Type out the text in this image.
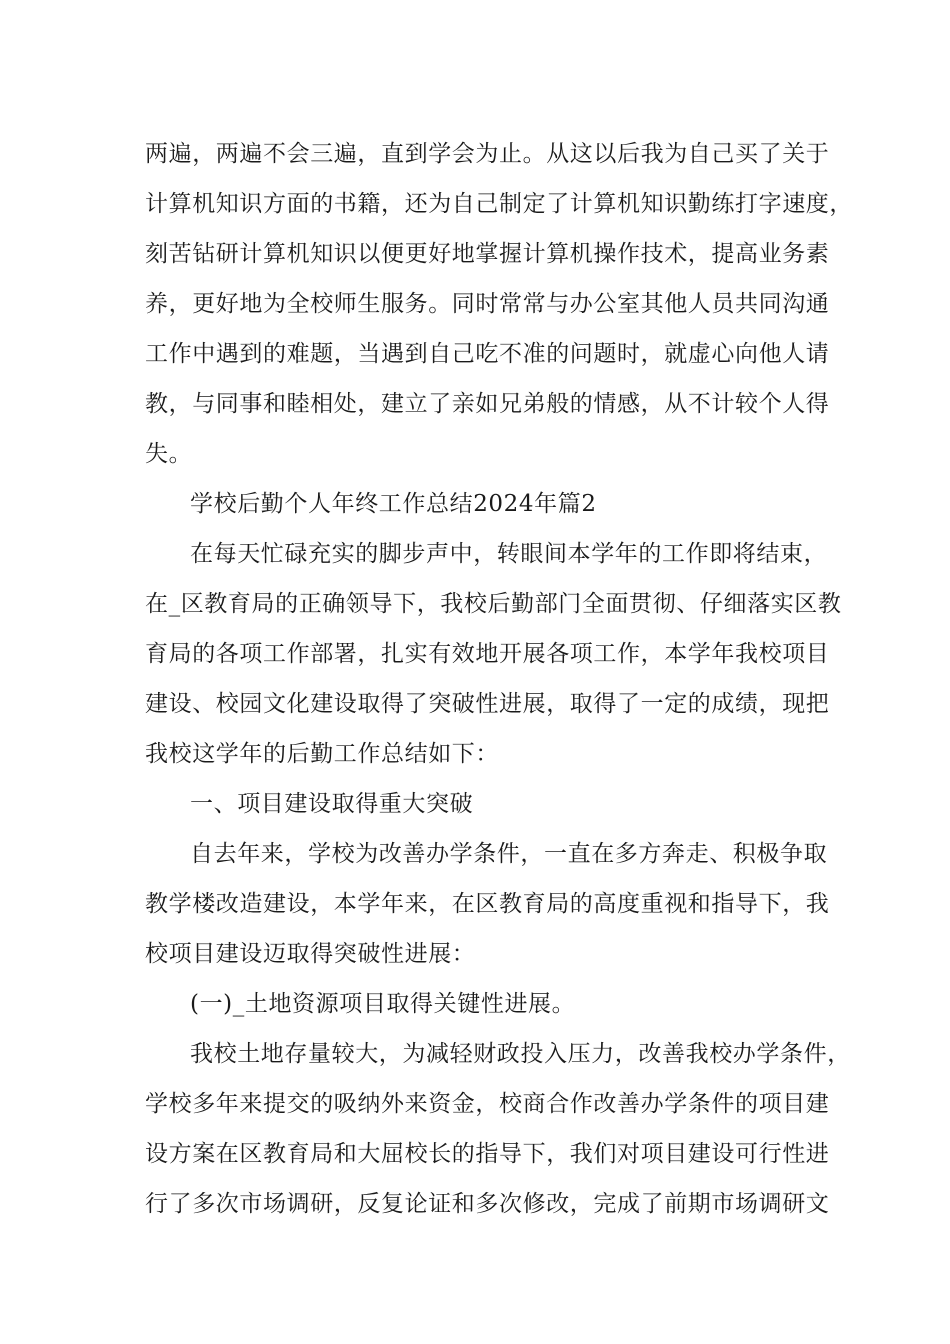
两遍，两遍不会三遍，直到学会为止。从这以后我为自己买了关于
计算机知识方面的书籍，还为自己制定了计算机知识勤练打字速度，
刻苦钻研计算机知识以便更好地掌握计算机操作技术，提高业务素
养，更好地为全校师生服务。同时常常与办公室其他人员共同沟通
工作中遇到的难题，当遇到自己吃不准的问题时，就虚心向他人请
教，与同事和睦相处，建立了亲如兄弟般的情感，从不计较个人得
失。
学校后勤个人年终工作总结2024年篇2
在每天忙碌充实的脚步声中，转眼间本学年的工作即将结束，
在_区教育局的正确领导下，我校后勤部门全面贯彻、仔细落实区教
育局的各项工作部署，扎实有效地开展各项工作，本学年我校项目
建设、校园文化建设取得了突破性进展，取得了一定的成绩，现把
我校这学年的后勤工作总结如下：
一、项目建设取得重大突破
自去年来，学校为改善办学条件，一直在多方奔走、积极争取
教学楼改造建设，本学年来，在区教育局的高度重视和指导下，我
校项目建设迈取得突破性进展：
(一)_土地资源项目取得关键性进展。
我校土地存量较大，为减轻财政投入压力，改善我校办学条件，
学校多年来提交的吸纳外来资金，校商合作改善办学条件的项目建
设方案在区教育局和大屈校长的指导下，我们对项目建设可行性进
行了多次市场调研，反复论证和多次修改，完成了前期市场调研文
